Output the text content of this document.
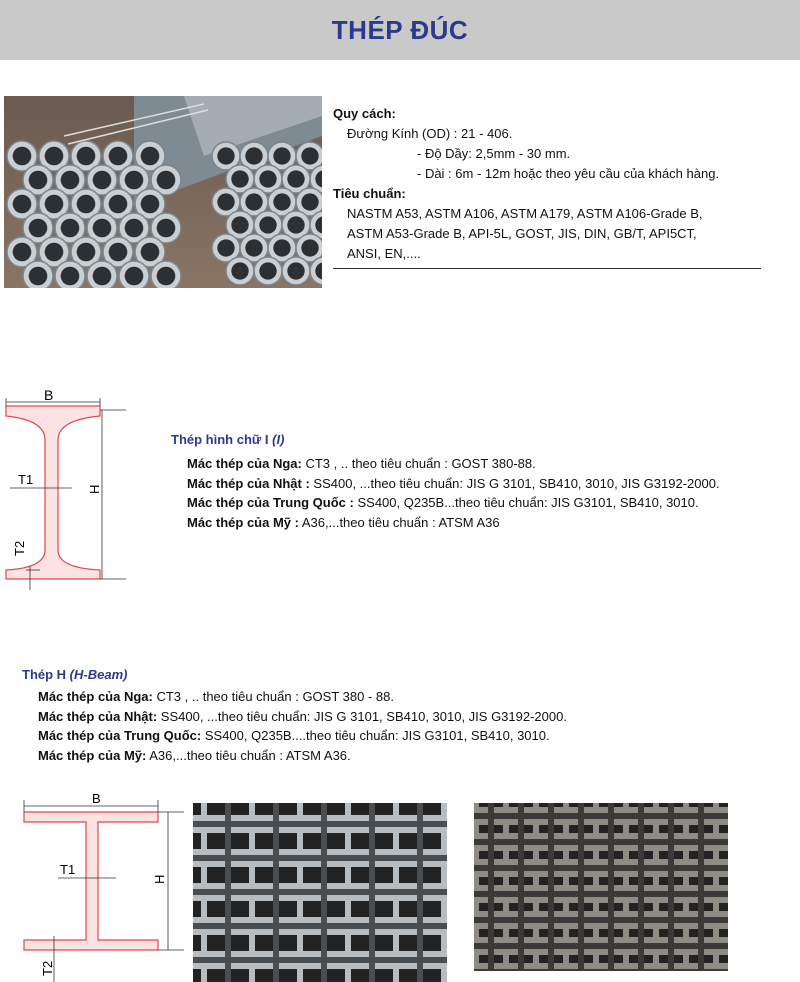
THÉP ĐÚC
Quy cách:
Đường Kính (OD) : 21 - 406.
- Độ Dầy: 2,5mm - 30 mm.
- Dài : 6m - 12m hoặc theo yêu cầu của khách hàng.
Tiêu chuẩn:
NASTM A53, ASTM A106, ASTM A179, ASTM A106-Grade B,
ASTM A53-Grade B, API-5L, GOST, JIS, DIN, GB/T, API5CT,
ANSI, EN,....
B
H
T1
T2
Thép hình chữ I (I)
Mác thép của Nga: CT3 , .. theo tiêu chuẩn : GOST 380-88.
Mác thép của Nhật : SS400, ...theo tiêu chuẩn: JIS G 3101, SB410, 3010, JIS G3192-2000.
Mác thép của Trung Quốc : SS400, Q235B...theo tiêu chuẩn: JIS G3101, SB410, 3010.
Mác thép của Mỹ : A36,...theo tiêu chuẩn : ATSM A36
Thép H (H-Beam)
Mác thép của Nga: CT3 , .. theo tiêu chuẩn : GOST 380 - 88.
Mác thép của Nhật: SS400, ...theo tiêu chuẩn: JIS G 3101, SB410, 3010, JIS G3192-2000.
Mác thép của Trung Quốc: SS400, Q235B....theo tiêu chuẩn: JIS G3101, SB410, 3010.
Mác thép của Mỹ: A36,...theo tiêu chuẩn : ATSM A36.
B
H
T1
T2
